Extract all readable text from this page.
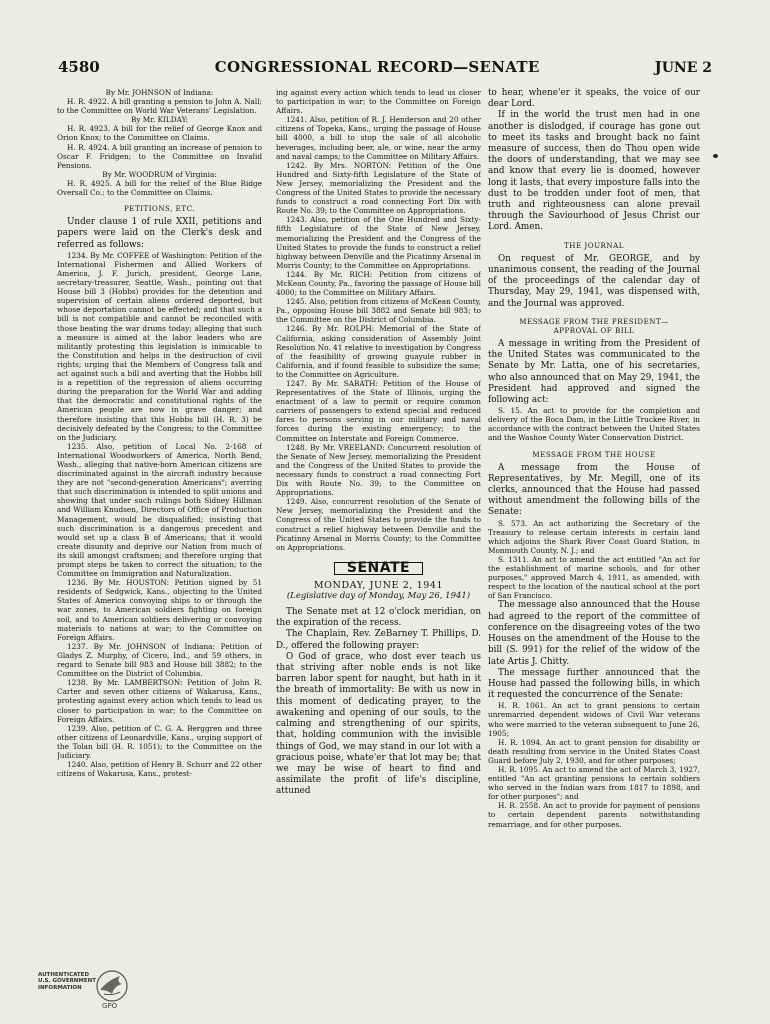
4580	CONGRESSIONAL RECORD—SENATE	JUNE 2

By Mr. JOHNSON of Indiana:

H. R. 4922. A bill granting a pension to John A. Nall; to the Committee on World War Veterans' Legislation.

By Mr. KILDAY:

H. R. 4923. A bill for the relief of George Knox and Orion Knox; to the Committee on Claims.

H. R. 4924. A bill granting an increase of pension to Oscar F. Fridgen; to the Committee on Invalid Pensions.

By Mr. WOODRUM of Virginia:

H. R. 4925. A bill for the relief of the Blue Ridge Oversall Co.; to the Committee on Claims.

PETITIONS, ETC.

Under clause 1 of rule XXII, petitions and papers were laid on the Clerk's desk and referred as follows:

1234. By Mr. COFFEE of Washington: Petition of the International Fishermen and Allied Workers of America, J. F. Jurich, president, George Lane, secretary-treasurer, Seattle, Wash., pointing out that House bill 3 (Hobbs) provides for the detention and supervision of certain aliens ordered deported, but whose deportation cannot be effected; and that such a bill is not compatible and cannot be reconciled with those beating the war drums today; alleging that such a measure is aimed at the labor leaders who are militantly protesting this legislation is inimicable to the Constitution and helps in the destruction of civil rights; urging that the Members of Congress talk and act against such a bill and averting that the Hobbs bill is a repetition of the repression of aliens occurring during the preparation for the World War and adding that the democratic and constitutional rights of the American people are now in grave danger; and therefore insisting that this Hobbs bill (H. R. 3) be decisively defeated by the Congress; to the Committee on the Judiciary.

1235. Also, petition of Local No. 2-168 of International Woodworkers of America, North Bend, Wash., alleging that native-born American citizens are discriminated against in the aircraft industry because they are not "second-generation Americans"; averring that such discrimination is intended to split unions and showing that under such rulings both Sidney Hillman and William Knudsen, Directors of Office of Production Management, would be disqualified; insisting that such discrimination is a dangerous precedent and would set up a class B of Americans; that it would create disunity and deprive our Nation from much of its skill amongst craftsmen; and therefore urging that prompt steps be taken to correct the situation; to the Committee on Immigration and Naturalization.

1236. By Mr. HOUSTON: Petition signed by 51 residents of Sedgwick, Kans., objecting to the United States of America convoying ships to or through the war zones, to American soldiers fighting on foreign soil, and to American soldiers delivering or convoying materials to nations at war; to the Committee on Foreign Affairs.

1237. By Mr. JOHNSON of Indiana: Petition of Gladys Z. Murphy, of Cicero, Ind., and 59 others, in regard to Senate bill 983 and House bill 3882; to the Committee on the District of Columbia.

1238. By Mr. LAMBERTSON: Petition of John R. Carter and seven other citizens of Wakarusa, Kans., protesting against every action which tends to lead us closer to participation in war; to the Committee on Foreign Affairs.

1239. Also, petition of C. G. A. Berggren and three other citizens of Leonardville, Kans., urging support of the Tolan bill (H. R. 1051); to the Committee on the Judiciary.

1240. Also, petition of Henry B. Schurr and 22 other citizens of Wakarusa, Kans., protest-

ing against every action which tends to lead us closer to participation in war; to the Committee on Foreign Affairs.

1241. Also, petition of R. J. Henderson and 20 other citizens of Topeka, Kans., urging the passage of House bill 4000, a bill to stop the sale of all alcoholic beverages, including beer, ale, or wine, near the army and naval camps; to the Committee on Military Affairs.

1242. By Mrs. NORTON: Petition of the One Hundred and Sixty-fifth Legislature of the State of New Jersey, memorializing the President and the Congress of the United States to provide the necessary funds to construct a road connecting Fort Dix with Route No. 39; to the Committee on Appropriations.

1243. Also, petition of the One Hundred and Sixty-fifth Legislature of the State of New Jersey, memorializing the President and the Congress of the United States to provide the funds to construct a relief highway between Denville and the Picatinny Arsenal in Morris County; to the Committee on Appropriations.

1244. By Mr. RICH: Petition from citizens of McKean County, Pa., favoring the passage of House bill 4000; to the Committee on Military Affairs.

1245. Also, petition from citizens of McKean County, Pa., opposing House bill 3882 and Senate bill 983; to the Committee on the District of Columbia.

1246. By Mr. ROLPH: Memorial of the State of California, asking consideration of Assembly Joint Resolution No. 41 relative to investigation by Congress of the feasibility of growing guayule rubber in California, and if found feasible to subsidize the same; to the Committee on Agriculture.

1247. By Mr. SABATH: Petition of the House of Representatives of the State of Illinois, urging the enactment of a law to permit or require common carriers of passengers to extend special and reduced fares to persons serving in our military and naval forces during the existing emergency; to the Committee on Interstate and Foreign Commerce.

1248. By Mr. VREELAND: Concurrent resolution of the Senate of New Jersey, memorializing the President and the Congress of the United States to provide the necessary funds to construct a road connecting Fort Dix with Route No. 39; to the Committee on Appropriations.

1249. Also, concurrent resolution of the Senate of New Jersey, memorializing the President and the Congress of the United States to provide the funds to construct a relief highway between Denville and the Picatinny Arsenal in Morris County; to the Committee on Appropriations.

SENATE

MONDAY, JUNE 2, 1941

(Legislative day of Monday, May 26, 1941)

The Senate met at 12 o'clock meridian, on the expiration of the recess.

The Chaplain, Rev. ZeBarney T. Phillips, D. D., offered the following prayer:

O God of grace, who dost ever teach us that striving after noble ends is not like barren labor spent for naught, but hath in it the breath of immortality: Be with us now in this moment of dedicating prayer, to the awakening and opening of our souls, to the calming and strengthening of our spirits, that, holding communion with the invisible things of God, we may stand in our lot with a gracious poise, whate'er that lot may be; that we may be wise of heart to find and assimilate the profit of life's discipline, attuned

to hear, whene'er it speaks, the voice of our dear Lord.

If in the world the trust men had in one another is dislodged, if courage has gone out to meet its tasks and brought back no faint measure of success, then do Thou open wide the doors of understanding, that we may see and know that every lie is doomed, however long it lasts, that every imposture falls into the dust to be trodden under foot of men, that truth and righteousness can alone prevail through the Saviourhood of Jesus Christ our Lord. Amen.

THE JOURNAL

On request of Mr. GEORGE, and by unanimous consent, the reading of the Journal of the proceedings of the calendar day of Thursday, May 29, 1941, was dispensed with, and the Journal was approved.

MESSAGE FROM THE PRESIDENT—

APPROVAL OF BILL

A message in writing from the President of the United States was communicated to the Senate by Mr. Latta, one of his secretaries, who also announced that on May 29, 1941, the President had approved and signed the following act:

S. 15. An act to provide for the completion and delivery of the Boca Dam, in the Little Truckee River, in accordance with the contract between the United States and the Washoe County Water Conservation District.

MESSAGE FROM THE HOUSE

A message from the House of Representatives, by Mr. Megill, one of its clerks, announced that the House had passed without amendment the following bills of the Senate:

S. 573. An act authorizing the Secretary of the Treasury to release certain interests in certain land which adjoins the Shark River Coast Guard Station, in Monmouth County, N. J.; and

S. 1311. An act to amend the act entitled "An act for the establishment of marine schools, and for other purposes," approved March 4, 1911, as amended, with respect to the location of the nautical school at the port of San Francisco.

The message also announced that the House had agreed to the report of the committee of conference on the disagreeing votes of the two Houses on the amendment of the House to the bill (S. 991) for the relief of the widow of the late Artis J. Chitty.

The message further announced that the House had passed the following bills, in which it requested the concurrence of the Senate:

H. R. 1061. An act to grant pensions to certain unremarried dependent widows of Civil War veterans who were married to the veteran subsequent to June 26, 1905;

H. R. 1094. An act to grant pension for disability or death resulting from service in the United States Coast Guard before July 2, 1930, and for other purposes;

H. R. 1095. An act to amend the act of March 3, 1927, entitled "An act granting pensions to certain soldiers who served in the Indian wars from 1817 to 1898, and for other purposes"; and

H. R. 2558. An act to provide for payment of pensions to certain dependent parents notwithstanding remarriage, and for other purposes.

AUTHENTICATED U.S. GOVERNMENT INFORMATION
GPO
